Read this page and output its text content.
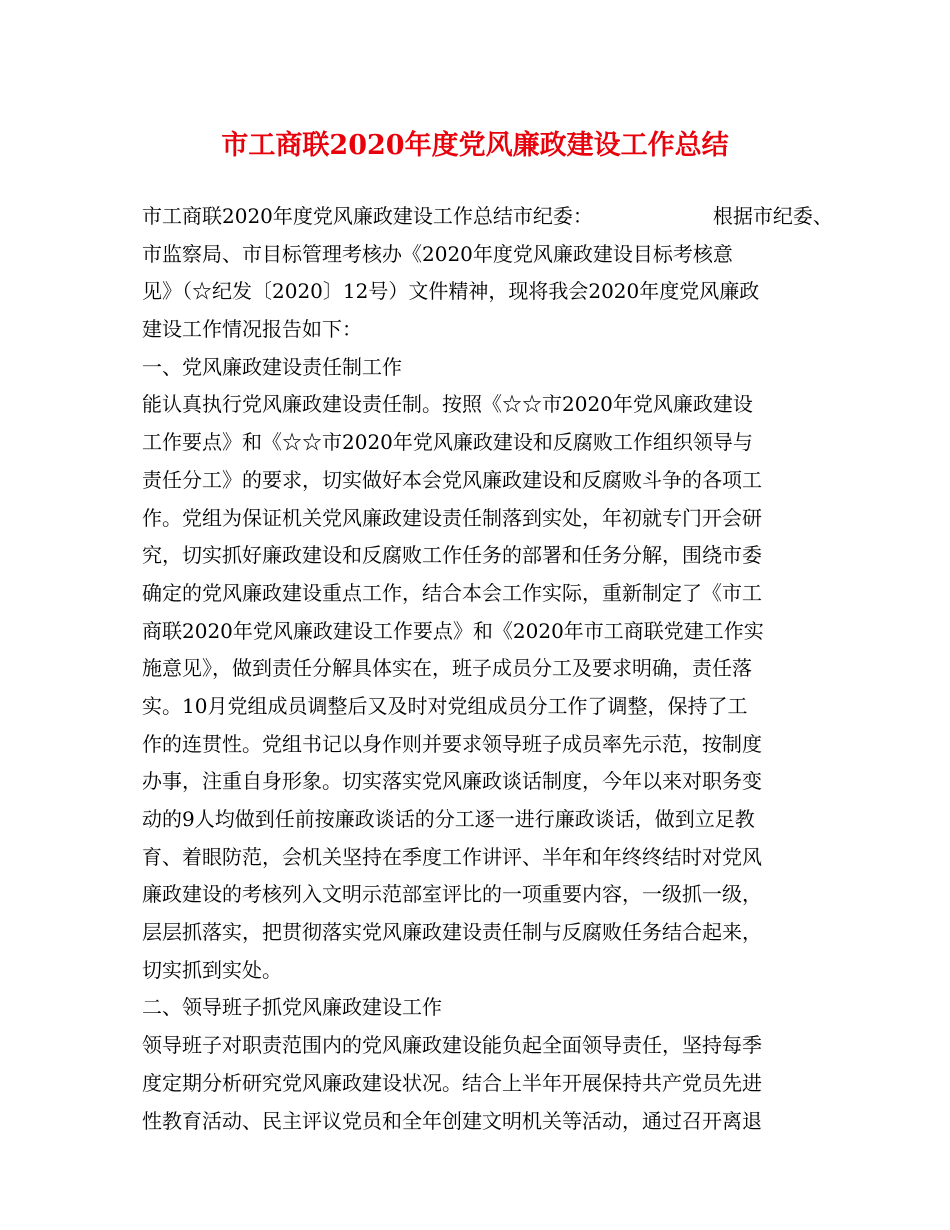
市工商联2020年度党风廉政建设工作总结
市工商联2020年度党风廉政建设工作总结市纪委：	根据市纪委、
市监察局、市目标管理考核办《2020年度党风廉政建设目标考核意
见》（☆纪发〔2020〕12号）文件精神，现将我会2020年度党风廉政
建设工作情况报告如下：
一、党风廉政建设责任制工作
能认真执行党风廉政建设责任制。按照《☆☆市2020年党风廉政建设
工作要点》和《☆☆市2020年党风廉政建设和反腐败工作组织领导与
责任分工》的要求，切实做好本会党风廉政建设和反腐败斗争的各项工
作。党组为保证机关党风廉政建设责任制落到实处，年初就专门开会研
究，切实抓好廉政建设和反腐败工作任务的部署和任务分解，围绕市委
确定的党风廉政建设重点工作，结合本会工作实际，重新制定了《市工
商联2020年党风廉政建设工作要点》和《2020年市工商联党建工作实
施意见》，做到责任分解具体实在，班子成员分工及要求明确，责任落
实。10月党组成员调整后又及时对党组成员分工作了调整，保持了工
作的连贯性。党组书记以身作则并要求领导班子成员率先示范，按制度
办事，注重自身形象。切实落实党风廉政谈话制度，今年以来对职务变
动的9人均做到任前按廉政谈话的分工逐一进行廉政谈话，做到立足教
育、着眼防范，会机关坚持在季度工作讲评、半年和年终终结时对党风
廉政建设的考核列入文明示范部室评比的一项重要内容，一级抓一级，
层层抓落实，把贯彻落实党风廉政建设责任制与反腐败任务结合起来，
切实抓到实处。
二、领导班子抓党风廉政建设工作
领导班子对职责范围内的党风廉政建设能负起全面领导责任，坚持每季
度定期分析研究党风廉政建设状况。结合上半年开展保持共产党员先进
性教育活动、民主评议党员和全年创建文明机关等活动，通过召开离退
